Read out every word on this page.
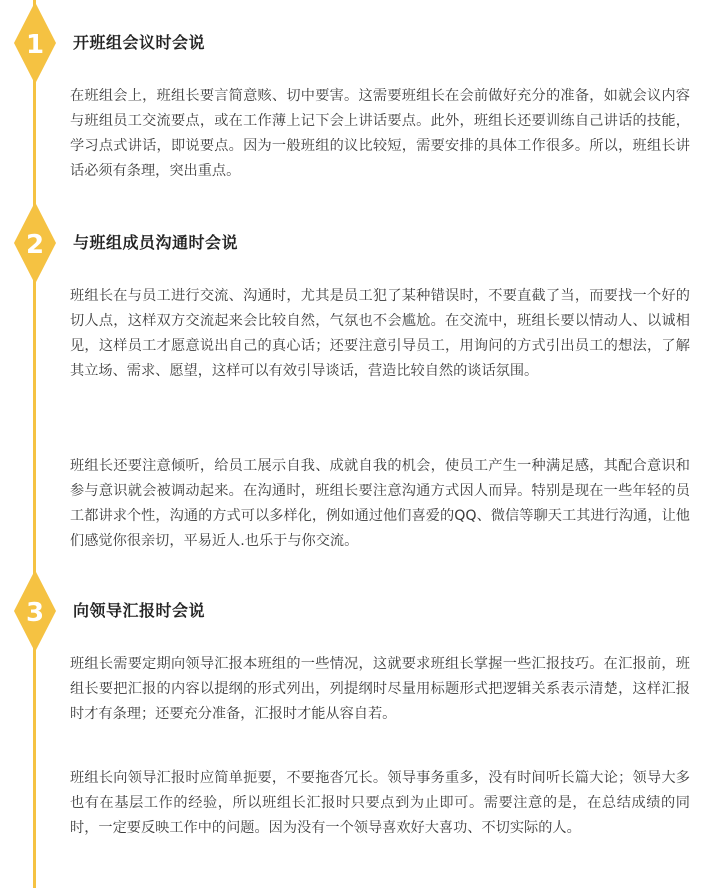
1 开班组会议时会说

在班组会上，班组长要言简意赅、切中要害。这需要班组长在会前做好充分的准备，如就会议内容与班组员工交流要点，或在工作薄上记下会上讲话要点。此外，班组长还要训练自己讲话的技能，学习点式讲话，即说要点。因为一般班组的议比较短，需要安排的具体工作很多。所以，班组长讲话必须有条理，突出重点。

2 与班组成员沟通时会说

班组长在与员工进行交流、沟通时，尤其是员工犯了某种错误时，不要直截了当，而要找一个好的切人点，这样双方交流起来会比较自然，气氛也不会尴尬。在交流中，班组长要以情动人、以诚相见，这样员工才愿意说出自己的真心话；还要注意引导员工，用询问的方式引出员工的想法，了解其立场、需求、愿望，这样可以有效引导谈话，营造比较自然的谈话氛围。

班组长还要注意倾听，给员工展示自我、成就自我的机会，使员工产生一种满足感，其配合意识和参与意识就会被调动起来。在沟通时，班组长要注意沟通方式因人而异。特别是现在一些年轻的员工都讲求个性，沟通的方式可以多样化，例如通过他们喜爱的QQ、微信等聊天工其进行沟通，让他们感觉你很亲切，平易近人.也乐于与你交流。

3 向领导汇报时会说

班组长需要定期向领导汇报本班组的一些情况，这就要求班组长掌握一些汇报技巧。在汇报前，班组长要把汇报的内容以提纲的形式列出，列提纲时尽量用标题形式把逻辑关系表示清楚，这样汇报时才有条理；还要充分准备，汇报时才能从容自若。

班组长向领导汇报时应简单扼要，不要拖沓冗长。领导事务重多，没有时间听长篇大论；领导大多也有在基层工作的经验，所以班组长汇报时只要点到为止即可。需要注意的是，在总结成绩的同时，一定要反映工作中的问题。因为没有一个领导喜欢好大喜功、不切实际的人。
